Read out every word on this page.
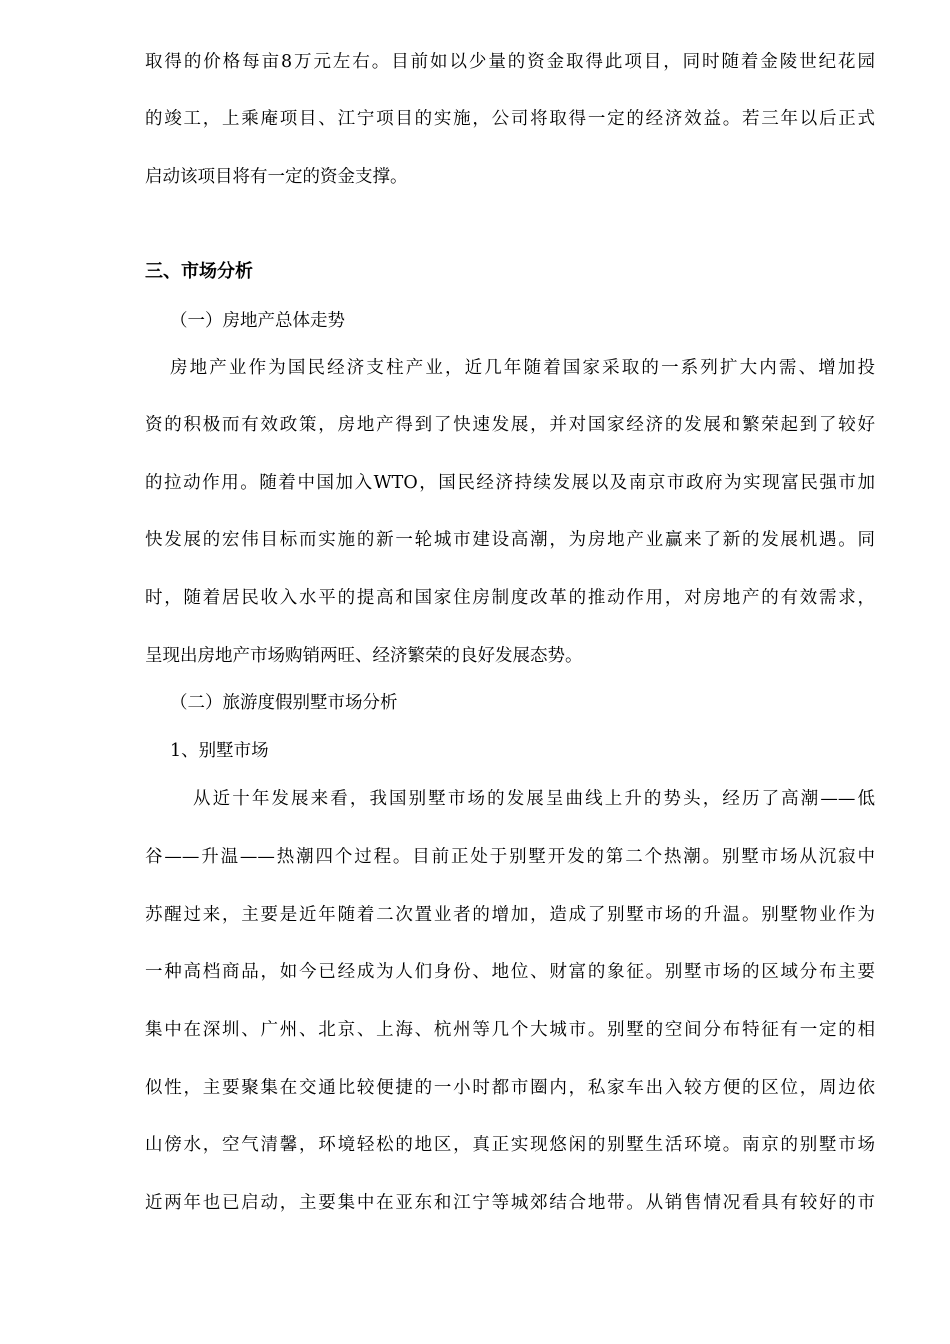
取得的价格每亩8万元左右。目前如以少量的资金取得此项目，同时随着金陵世纪花园
的竣工，上乘庵项目、江宁项目的实施，公司将取得一定的经济效益。若三年以后正式
启动该项目将有一定的资金支撑。
三、市场分析
（一）房地产总体走势
房地产业作为国民经济支柱产业，近几年随着国家采取的一系列扩大内需、增加投
资的积极而有效政策，房地产得到了快速发展，并对国家经济的发展和繁荣起到了较好
的拉动作用。随着中国加入WTO，国民经济持续发展以及南京市政府为实现富民强市加
快发展的宏伟目标而实施的新一轮城市建设高潮，为房地产业赢来了新的发展机遇。同
时，随着居民收入水平的提高和国家住房制度改革的推动作用，对房地产的有效需求，
呈现出房地产市场购销两旺、经济繁荣的良好发展态势。
（二）旅游度假别墅市场分析
1、别墅市场
从近十年发展来看，我国别墅市场的发展呈曲线上升的势头，经历了高潮——低
谷——升温——热潮四个过程。目前正处于别墅开发的第二个热潮。别墅市场从沉寂中
苏醒过来，主要是近年随着二次置业者的增加，造成了别墅市场的升温。别墅物业作为
一种高档商品，如今已经成为人们身份、地位、财富的象征。别墅市场的区域分布主要
集中在深圳、广州、北京、上海、杭州等几个大城市。别墅的空间分布特征有一定的相
似性，主要聚集在交通比较便捷的一小时都市圈内，私家车出入较方便的区位，周边依
山傍水，空气清馨，环境轻松的地区，真正实现悠闲的别墅生活环境。南京的别墅市场
近两年也已启动，主要集中在亚东和江宁等城郊结合地带。从销售情况看具有较好的市
